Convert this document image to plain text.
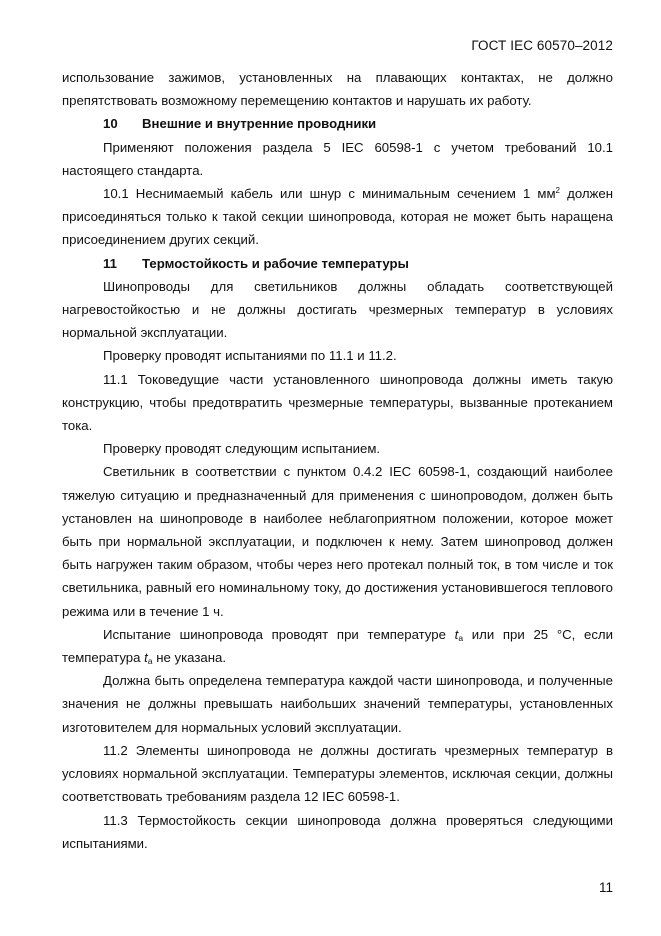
ГОСТ IEC 60570–2012

использование зажимов, установленных на плавающих контактах, не должно препятствовать возможному перемещению контактов и нарушать их работу.

10 Внешние и внутренние проводники

Применяют положения раздела 5 IEC 60598-1 с учетом требований 10.1 настоящего стандарта.

10.1 Неснимаемый кабель или шнур с минимальным сечением 1 $мм^2$ должен присоединяться только к такой секции шинопровода, которая не может быть наращена присоединением других секций.

11 Термостойкость и рабочие температуры

Шинопроводы для светильников должны обладать соответствующей нагревостойкостью и не должны достигать чрезмерных температур в условиях нормальной эксплуатации.

Проверку проводят испытаниями по 11.1 и 11.2.

11.1 Токоведущие части установленного шинопровода должны иметь такую конструкцию, чтобы предотвратить чрезмерные температуры, вызванные протеканием тока.

Проверку проводят следующим испытанием.

Светильник в соответствии с пунктом 0.4.2 IEC 60598-1, создающий наиболее тяжелую ситуацию и предназначенный для применения с шинопроводом, должен быть установлен на шинопроводе в наиболее неблагоприятном положении, которое может быть при нормальной эксплуатации, и подключен к нему. Затем шинопровод должен быть нагружен таким образом, чтобы через него протекал полный ток, в том числе и ток светильника, равный его номинальному току, до достижения установившегося теплового режима или в течение 1 ч.

Испытание шинопровода проводят при температуре $t_a$ или при 25 °С, если температура $t_a$ не указана.

Должна быть определена температура каждой части шинопровода, и полученные значения не должны превышать наибольших значений температуры, установленных изготовителем для нормальных условий эксплуатации.

11.2 Элементы шинопровода не должны достигать чрезмерных температур в условиях нормальной эксплуатации. Температуры элементов, исключая секции, должны соответствовать требованиям раздела 12 IEC 60598-1.

11.3 Термостойкость секции шинопровода должна проверяться следующими испытаниями.

11
